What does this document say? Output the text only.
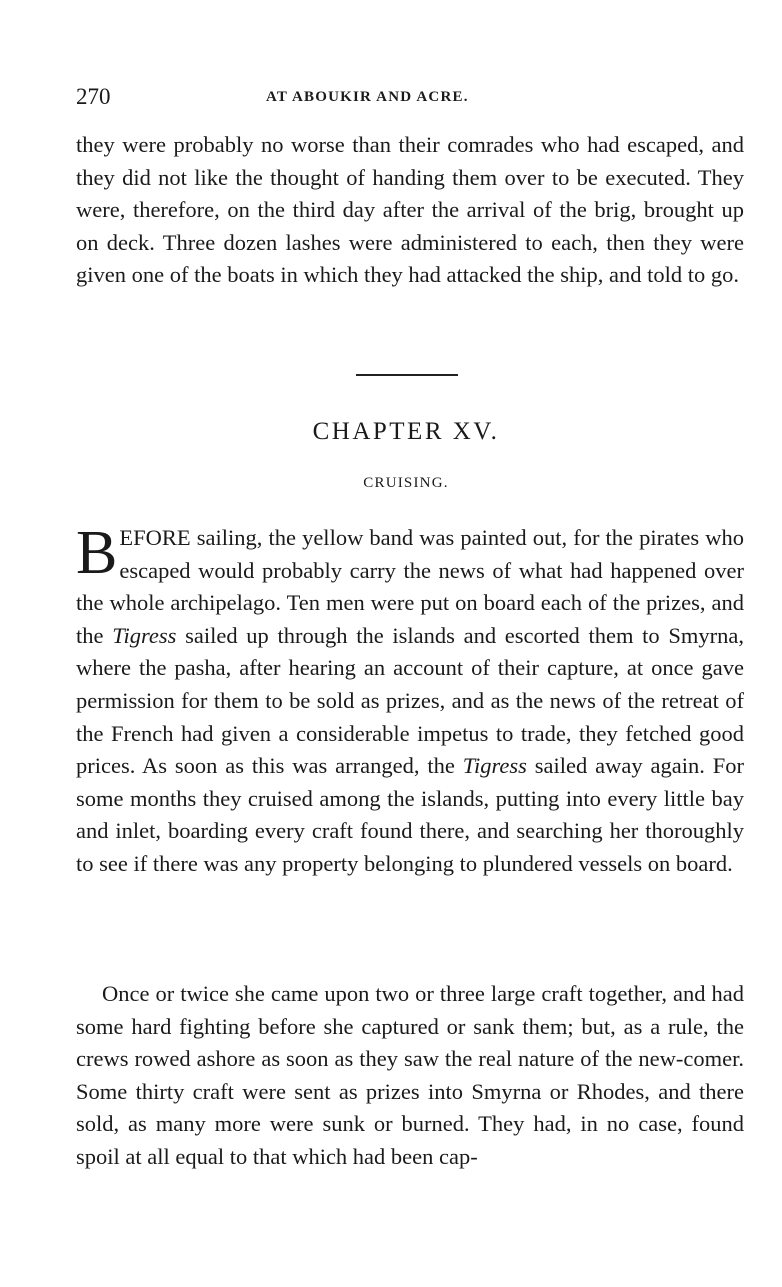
270	AT ABOUKIR AND ACRE.

they were probably no worse than their comrades who had escaped, and they did not like the thought of handing them over to be executed. They were, therefore, on the third day after the arrival of the brig, brought up on deck. Three dozen lashes were administered to each, then they were given one of the boats in which they had attacked the ship, and told to go.

CHAPTER XV.
CRUISING.

BEFORE sailing, the yellow band was painted out, for the pirates who escaped would probably carry the news of what had happened over the whole archipelago. Ten men were put on board each of the prizes, and the Tigress sailed up through the islands and escorted them to Smyrna, where the pasha, after hearing an account of their capture, at once gave permission for them to be sold as prizes, and as the news of the retreat of the French had given a considerable impetus to trade, they fetched good prices. As soon as this was arranged, the Tigress sailed away again. For some months they cruised among the islands, putting into every little bay and inlet, boarding every craft found there, and searching her thoroughly to see if there was any property belonging to plundered vessels on board.

Once or twice she came upon two or three large craft together, and had some hard fighting before she captured or sank them; but, as a rule, the crews rowed ashore as soon as they saw the real nature of the new-comer. Some thirty craft were sent as prizes into Smyrna or Rhodes, and there sold, as many more were sunk or burned. They had, in no case, found spoil at all equal to that which had been cap-
